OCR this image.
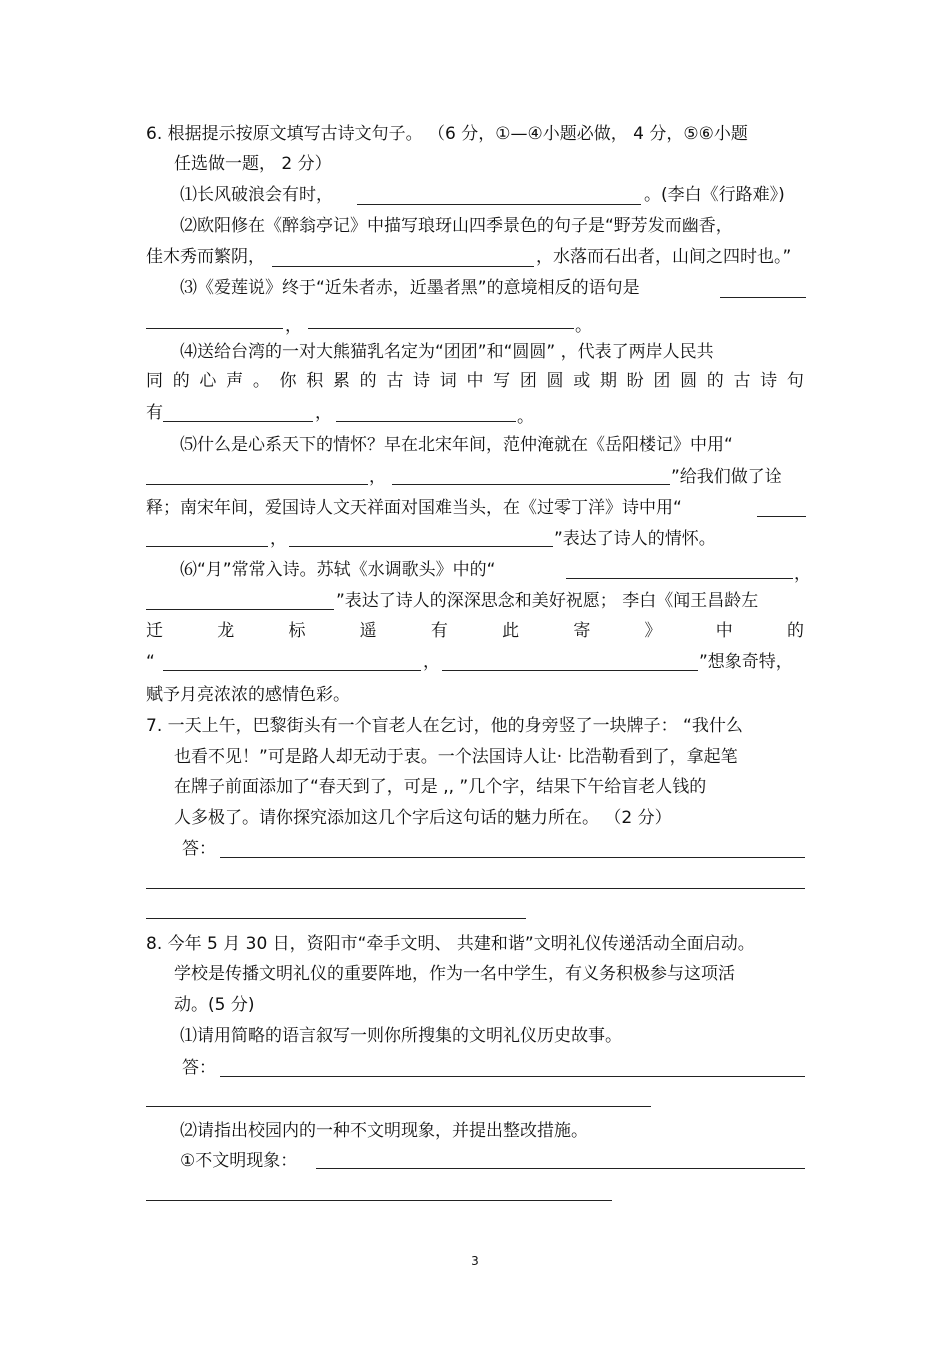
6. 根据提示按原文填写古诗文句子。 （6 分，①—④小题必做， 4 分，⑤⑥小题
任选做一题， 2 分）
⑴长风破浪会有时，	。(李白《行路难》)
⑵欧阳修在《醉翁亭记》中描写琅玡山四季景色的句子是“野芳发而幽香，
佳木秀而繁阴，	，水落而石出者，山间之四时也。”
⑶《爱莲说》终于“近朱者赤，近墨者黑”的意境相反的语句是
，	。
⑷送给台湾的一对大熊猫乳名定为“团团”和“圆圆” ，代表了两岸人民共
同 的 心 声 。 你 积 累 的 古 诗 词 中 写 团 圆 或 期 盼 团 圆 的 古 诗 句
有	，	。
⑸什么是心系天下的情怀？早在北宋年间，范仲淹就在《岳阳楼记》中用“
，	”给我们做了诠
释；南宋年间，爱国诗人文天祥面对国难当头，在《过零丁洋》诗中用“
，	”表达了诗人的情怀。
⑹“月”常常入诗。苏轼《水调歌头》中的“	，
”表达了诗人的深深思念和美好祝愿； 李白《闻王昌龄左
迁	龙	标	遥	有	此	寄	》	中	的
“	，	”想象奇特，
赋予月亮浓浓的感情色彩。
7. 一天上午，巴黎街头有一个盲老人在乞讨，他的身旁竖了一块牌子： “我什么
也看不见！”可是路人却无动于衷。一个法国诗人让· 比浩勒看到了，拿起笔
在牌子前面添加了“春天到了，可是 ,, ”几个字，结果下午给盲老人钱的
人多极了。请你探究添加这几个字后这句话的魅力所在。 （2 分）
答：
8. 今年 5 月 30 日，资阳市“牵手文明、 共建和谐”文明礼仪传递活动全面启动。
学校是传播文明礼仪的重要阵地，作为一名中学生，有义务积极参与这项活
动。(5 分)
⑴请用简略的语言叙写一则你所搜集的文明礼仪历史故事。
答：
⑵请指出校园内的一种不文明现象，并提出整改措施。
①不文明现象：
3
